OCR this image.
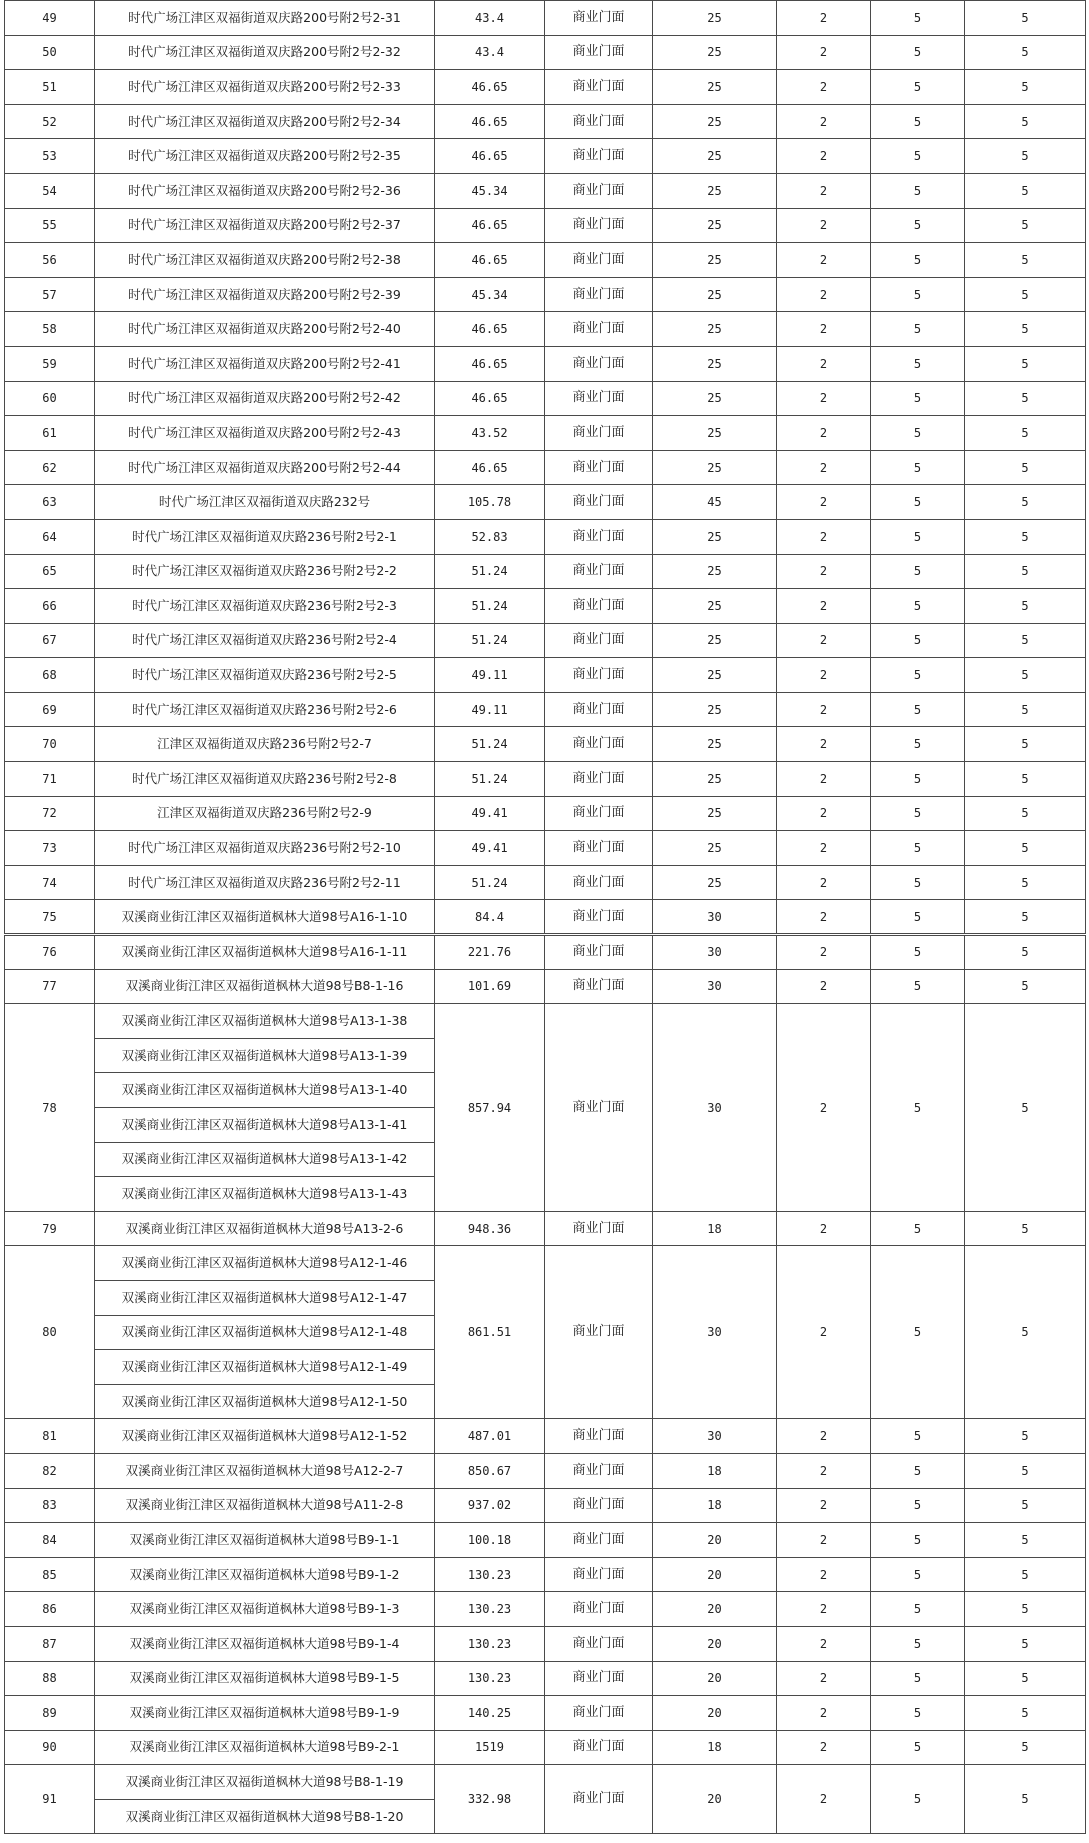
49	时代广场江津区双福街道双庆路200号附2号2-31	43.4	商业门面	25	2	5	5
50	时代广场江津区双福街道双庆路200号附2号2-32	43.4	商业门面	25	2	5	5
51	时代广场江津区双福街道双庆路200号附2号2-33	46.65	商业门面	25	2	5	5
52	时代广场江津区双福街道双庆路200号附2号2-34	46.65	商业门面	25	2	5	5
53	时代广场江津区双福街道双庆路200号附2号2-35	46.65	商业门面	25	2	5	5
54	时代广场江津区双福街道双庆路200号附2号2-36	45.34	商业门面	25	2	5	5
55	时代广场江津区双福街道双庆路200号附2号2-37	46.65	商业门面	25	2	5	5
56	时代广场江津区双福街道双庆路200号附2号2-38	46.65	商业门面	25	2	5	5
57	时代广场江津区双福街道双庆路200号附2号2-39	45.34	商业门面	25	2	5	5
58	时代广场江津区双福街道双庆路200号附2号2-40	46.65	商业门面	25	2	5	5
59	时代广场江津区双福街道双庆路200号附2号2-41	46.65	商业门面	25	2	5	5
60	时代广场江津区双福街道双庆路200号附2号2-42	46.65	商业门面	25	2	5	5
61	时代广场江津区双福街道双庆路200号附2号2-43	43.52	商业门面	25	2	5	5
62	时代广场江津区双福街道双庆路200号附2号2-44	46.65	商业门面	25	2	5	5
63	时代广场江津区双福街道双庆路232号	105.78	商业门面	45	2	5	5
64	时代广场江津区双福街道双庆路236号附2号2-1	52.83	商业门面	25	2	5	5
65	时代广场江津区双福街道双庆路236号附2号2-2	51.24	商业门面	25	2	5	5
66	时代广场江津区双福街道双庆路236号附2号2-3	51.24	商业门面	25	2	5	5
67	时代广场江津区双福街道双庆路236号附2号2-4	51.24	商业门面	25	2	5	5
68	时代广场江津区双福街道双庆路236号附2号2-5	49.11	商业门面	25	2	5	5
69	时代广场江津区双福街道双庆路236号附2号2-6	49.11	商业门面	25	2	5	5
70	江津区双福街道双庆路236号附2号2-7	51.24	商业门面	25	2	5	5
71	时代广场江津区双福街道双庆路236号附2号2-8	51.24	商业门面	25	2	5	5
72	江津区双福街道双庆路236号附2号2-9	49.41	商业门面	25	2	5	5
73	时代广场江津区双福街道双庆路236号附2号2-10	49.41	商业门面	25	2	5	5
74	时代广场江津区双福街道双庆路236号附2号2-11	51.24	商业门面	25	2	5	5
75	双溪商业街江津区双福街道枫林大道98号A16-1-10	84.4	商业门面	30	2	5	5
76	双溪商业街江津区双福街道枫林大道98号A16-1-11	221.76	商业门面	30	2	5	5
77	双溪商业街江津区双福街道枫林大道98号B8-1-16	101.69	商业门面	30	2	5	5
78	双溪商业街江津区双福街道枫林大道98号A13-1-38	857.94	商业门面	30	2	5	5
	双溪商业街江津区双福街道枫林大道98号A13-1-39						
	双溪商业街江津区双福街道枫林大道98号A13-1-40						
	双溪商业街江津区双福街道枫林大道98号A13-1-41						
	双溪商业街江津区双福街道枫林大道98号A13-1-42						
	双溪商业街江津区双福街道枫林大道98号A13-1-43						
79	双溪商业街江津区双福街道枫林大道98号A13-2-6	948.36	商业门面	18	2	5	5
80	双溪商业街江津区双福街道枫林大道98号A12-1-46	861.51	商业门面	30	2	5	5
	双溪商业街江津区双福街道枫林大道98号A12-1-47						
	双溪商业街江津区双福街道枫林大道98号A12-1-48						
	双溪商业街江津区双福街道枫林大道98号A12-1-49						
	双溪商业街江津区双福街道枫林大道98号A12-1-50						
81	双溪商业街江津区双福街道枫林大道98号A12-1-52	487.01	商业门面	30	2	5	5
82	双溪商业街江津区双福街道枫林大道98号A12-2-7	850.67	商业门面	18	2	5	5
83	双溪商业街江津区双福街道枫林大道98号A11-2-8	937.02	商业门面	18	2	5	5
84	双溪商业街江津区双福街道枫林大道98号B9-1-1	100.18	商业门面	20	2	5	5
85	双溪商业街江津区双福街道枫林大道98号B9-1-2	130.23	商业门面	20	2	5	5
86	双溪商业街江津区双福街道枫林大道98号B9-1-3	130.23	商业门面	20	2	5	5
87	双溪商业街江津区双福街道枫林大道98号B9-1-4	130.23	商业门面	20	2	5	5
88	双溪商业街江津区双福街道枫林大道98号B9-1-5	130.23	商业门面	20	2	5	5
89	双溪商业街江津区双福街道枫林大道98号B9-1-9	140.25	商业门面	20	2	5	5
90	双溪商业街江津区双福街道枫林大道98号B9-2-1	1519	商业门面	18	2	5	5
91	双溪商业街江津区双福街道枫林大道98号B8-1-19	332.98	商业门面	20	2	5	5
	双溪商业街江津区双福街道枫林大道98号B8-1-20						
